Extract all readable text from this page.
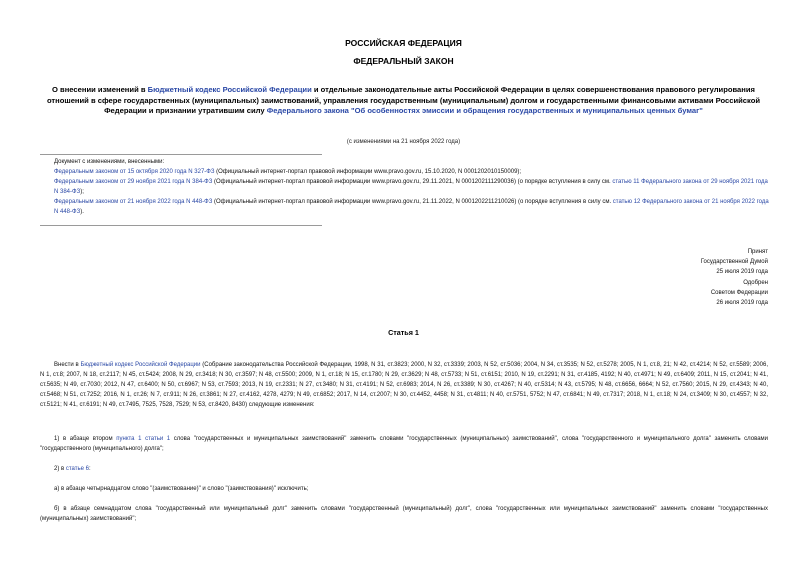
РОССИЙСКАЯ ФЕДЕРАЦИЯ
ФЕДЕРАЛЬНЫЙ ЗАКОН
О внесении изменений в Бюджетный кодекс Российской Федерации и отдельные законодательные акты Российской Федерации в целях совершенствования правового регулирования отношений в сфере государственных (муниципальных) заимствований, управления государственным (муниципальным) долгом и государственными финансовыми активами Российской Федерации и признании утратившим силу Федерального закона "Об особенностях эмиссии и обращения государственных и муниципальных ценных бумаг"
(с изменениями на 21 ноября 2022 года)
Документ с изменениями, внесенными:
Федеральным законом от 15 октября 2020 года N 327-ФЗ (Официальный интернет-портал правовой информации www.pravo.gov.ru, 15.10.2020, N 0001202010150009);
Федеральным законом от 29 ноября 2021 года N 384-ФЗ (Официальный интернет-портал правовой информации www.pravo.gov.ru, 29.11.2021, N 0001202111290036) (о порядке вступления в силу см. статью 11 Федерального закона от 29 ноября 2021 года N 384-ФЗ);
Федеральным законом от 21 ноября 2022 года N 448-ФЗ (Официальный интернет-портал правовой информации www.pravo.gov.ru, 21.11.2022, N 0001202211210026) (о порядке вступления в силу см. статью 12 Федерального закона от 21 ноября 2022 года N 448-ФЗ).
Принят
Государственной Думой
25 июля 2019 года
Одобрен
Советом Федерации
26 июля 2019 года
Статья 1
Внести в Бюджетный кодекс Российской Федерации (Собрание законодательства Российской Федерации, 1998, N 31, ст.3823; 2000, N 32, ст.3339; 2003, N 52, ст.5036; 2004, N 34, ст.3535; N 52, ст.5278; 2005, N 1, ст.8, 21; N 42, ст.4214; N 52, ст.5589; 2006, N 1, ст.8; 2007, N 18, ст.2117; N 45, ст.5424; 2008, N 29, ст.3418; N 30, ст.3597; N 48, ст.5500; 2009, N 1, ст.18; N 15, ст.1780; N 29, ст.3629; N 48, ст.5733; N 51, ст.6151; 2010, N 19, ст.2291; N 31, ст.4185, 4192; N 40, ст.4971; N 49, ст.6409; 2011, N 15, ст.2041; N 41, ст.5635; N 49, ст.7030; 2012, N 47, ст.6400; N 50, ст.6967; N 53, ст.7593; 2013, N 19, ст.2331; N 27, ст.3480; N 31, ст.4191; N 52, ст.6983; 2014, N 26, ст.3389; N 30, ст.4267; N 40, ст.5314; N 43, ст.5795; N 48, ст.6656, 6664; N 52, ст.7560; 2015, N 29, ст.4343; N 40, ст.5468; N 51, ст.7252; 2016, N 1, ст.26; N 7, ст.911; N 26, ст.3861; N 27, ст.4162, 4278, 4279; N 49, ст.6852; 2017, N 14, ст.2007; N 30, ст.4452, 4458; N 31, ст.4811; N 40, ст.5751, 5752; N 47, ст.6841; N 49, ст.7317; 2018, N 1, ст.18; N 24, ст.3409; N 30, ст.4557; N 32, ст.5121; N 41, ст.6191; N 49, ст.7495, 7525, 7528, 7529; N 53, ст.8420, 8430) следующие изменения:
1) в абзаце втором пункта 1 статьи 1 слова "государственных и муниципальных заимствований" заменить словами "государственных (муниципальных) заимствований", слова "государственного и муниципального долга" заменить словами "государственного (муниципального) долга";
2) в статье 6:
а) в абзаце четырнадцатом слово "(заимствование)" и слово "(заимствования)" исключить;
б) в абзаце семнадцатом слова "государственный или муниципальный долг" заменить словами "государственный (муниципальный) долг", слова "государственных или муниципальных заимствований" заменить словами "государственных (муниципальных) заимствований";
